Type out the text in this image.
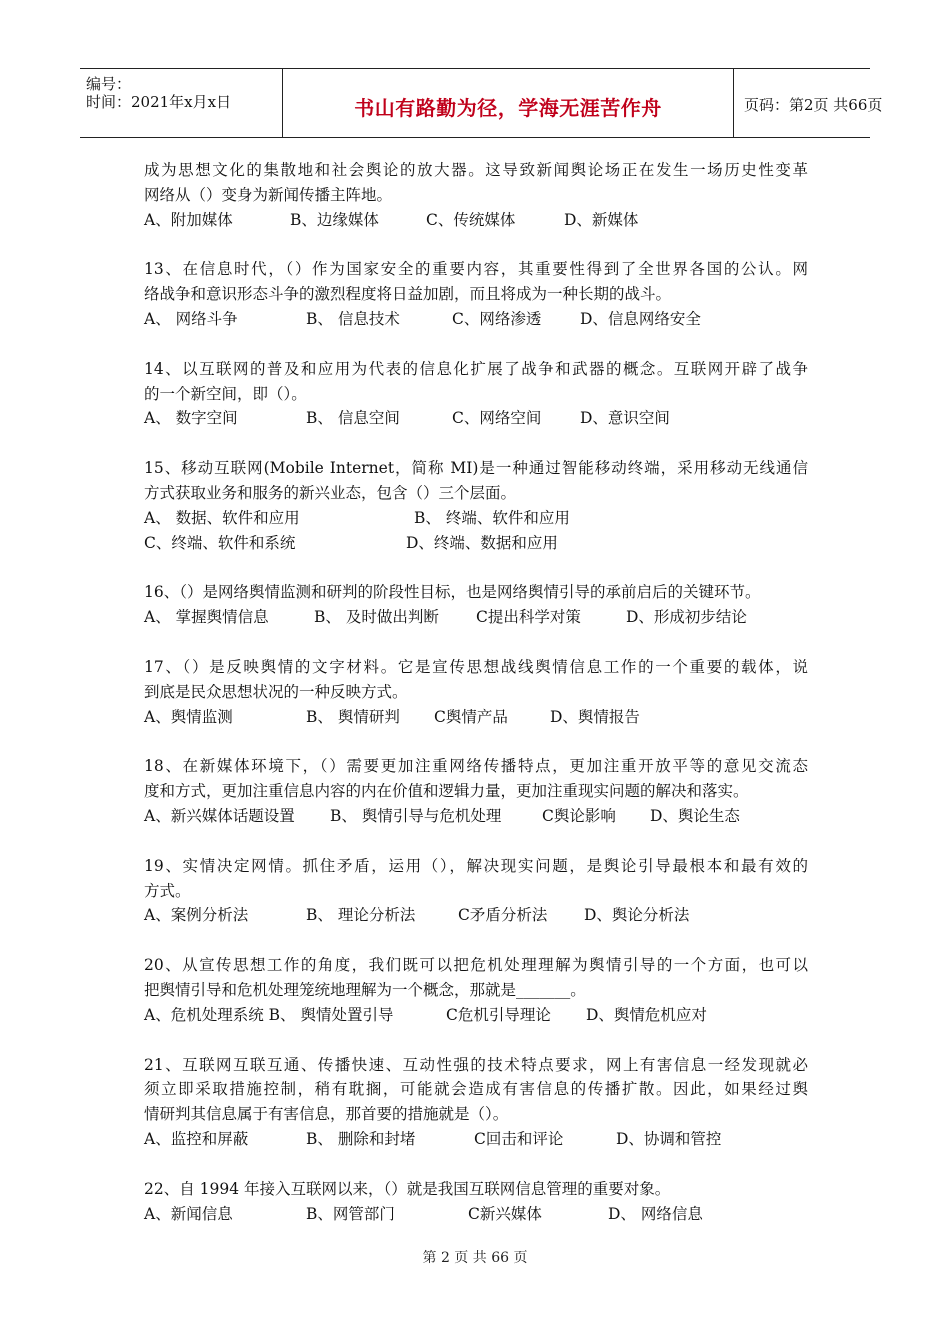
编号：
时间：2021年x月x日	书山有路勤为径，学海无涯苦作舟	页码：第2页 共66页
成为思想文化的集散地和社会舆论的放大器。这导致新闻舆论场正在发生一场历史性变革
网络从（）变身为新闻传播主阵地。
A、附加媒体	B、边缘媒体	C、传统媒体	D、新媒体
13、在信息时代，（）作为国家安全的重要内容，其重要性得到了全世界各国的公认。网
络战争和意识形态斗争的激烈程度将日益加剧，而且将成为一种长期的战斗。
A、 网络斗争	B、 信息技术	C、网络渗透 D、信息网络安全
14、以互联网的普及和应用为代表的信息化扩展了战争和武器的概念。互联网开辟了战争
的一个新空间，即（）。
A、 数字空间	B、 信息空间	C、网络空间 D、意识空间
15、移动互联网(Mobile Internet，简称 MI)是一种通过智能移动终端，采用移动无线通信
方式获取业务和服务的新兴业态，包含（）三个层面。
A、 数据、软件和应用	B、 终端、软件和应用
C、终端、软件和系统	D、终端、数据和应用
16、（）是网络舆情监测和研判的阶段性目标，也是网络舆情引导的承前启后的关键环节。
A、 掌握舆情信息	B、 及时做出判断 C提出科学对策	D、形成初步结论
17、（）是反映舆情的文字材料。它是宣传思想战线舆情信息工作的一个重要的载体，说
到底是民众思想状况的一种反映方式。
A、舆情监测	B、 舆情研判 C舆情产品	D、舆情报告
18、在新媒体环境下，（）需要更加注重网络传播特点，更加注重开放平等的意见交流态
度和方式，更加注重信息内容的内在价值和逻辑力量，更加注重现实问题的解决和落实。
A、新兴媒体话题设置 B、 舆情引导与危机处理	C舆论影响 D、舆论生态
19、实情决定网情。抓住矛盾，运用（），解决现实问题，是舆论引导最根本和最有效的
方式。
A、案例分析法	B、 理论分析法	C矛盾分析法 D、舆论分析法
20、从宣传思想工作的角度，我们既可以把危机处理理解为舆情引导的一个方面，也可以
把舆情引导和危机处理笼统地理解为一个概念，那就是_______。
A、危机处理系统 B、 舆情处置引导	C危机引导理论 D、舆情危机应对
21、互联网互联互通、传播快速、互动性强的技术特点要求，网上有害信息一经发现就必
须立即采取措施控制，稍有耽搁，可能就会造成有害信息的传播扩散。因此，如果经过舆
情研判其信息属于有害信息，那首要的措施就是（）。
A、监控和屏蔽	B、 删除和封堵	C回击和评论	D、协调和管控
22、自 1994 年接入互联网以来，（）就是我国互联网信息管理的重要对象。
A、新闻信息	B、网管部门	C新兴媒体	D、 网络信息
第 2 页 共 66 页
